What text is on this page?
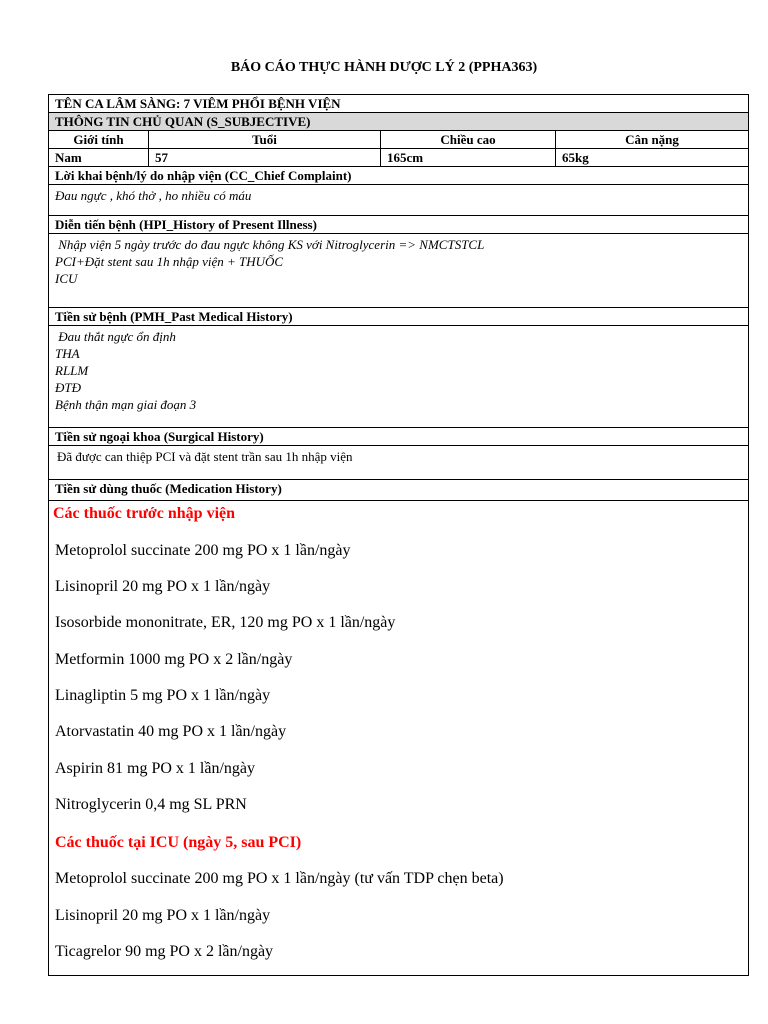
BÁO CÁO THỰC HÀNH DƯỢC LÝ 2 (PPHA363)
TÊN CA LÂM SÀNG: 7 VIÊM PHỔI BỆNH VIỆN
THÔNG TIN CHỦ QUAN (S_SUBJECTIVE)
Giới tính	Tuổi	Chiều cao	Cân nặng
Nam	57	165cm	65kg
Lời khai bệnh/lý do nhập viện (CC_Chief Complaint)
Đau ngực , khó thở , ho nhiều có máu
Diễn tiến bệnh (HPI_History of Present Illness)
Nhập viện 5 ngày trước do đau ngực không KS với Nitroglycerin => NMCTSTCL
PCI+Đặt stent sau 1h nhập viện + THUỐC
ICU
Tiền sử bệnh (PMH_Past Medical History)
Đau thắt ngực ổn định
THA
RLLM
ĐTĐ
Bệnh thận mạn giai đoạn 3
Tiền sử ngoại khoa (Surgical History)
Đã được can thiệp PCI và đặt stent trần sau 1h nhập viện
Tiền sử dùng thuốc (Medication History)
Các thuốc trước nhập viện
Metoprolol succinate 200 mg PO x 1 lần/ngày
Lisinopril 20 mg PO x 1 lần/ngày
Isosorbide mononitrate, ER, 120 mg PO x 1 lần/ngày
Metformin 1000 mg PO x 2 lần/ngày
Linagliptin 5 mg PO x 1 lần/ngày
Atorvastatin 40 mg PO x 1 lần/ngày
Aspirin 81 mg PO x 1 lần/ngày
Nitroglycerin 0,4 mg SL PRN
Các thuốc tại ICU (ngày 5, sau PCI)
Metoprolol succinate 200 mg PO x 1 lần/ngày (tư vấn TDP chẹn beta)
Lisinopril 20 mg PO x 1 lần/ngày
Ticagrelor 90 mg PO x 2 lần/ngày
